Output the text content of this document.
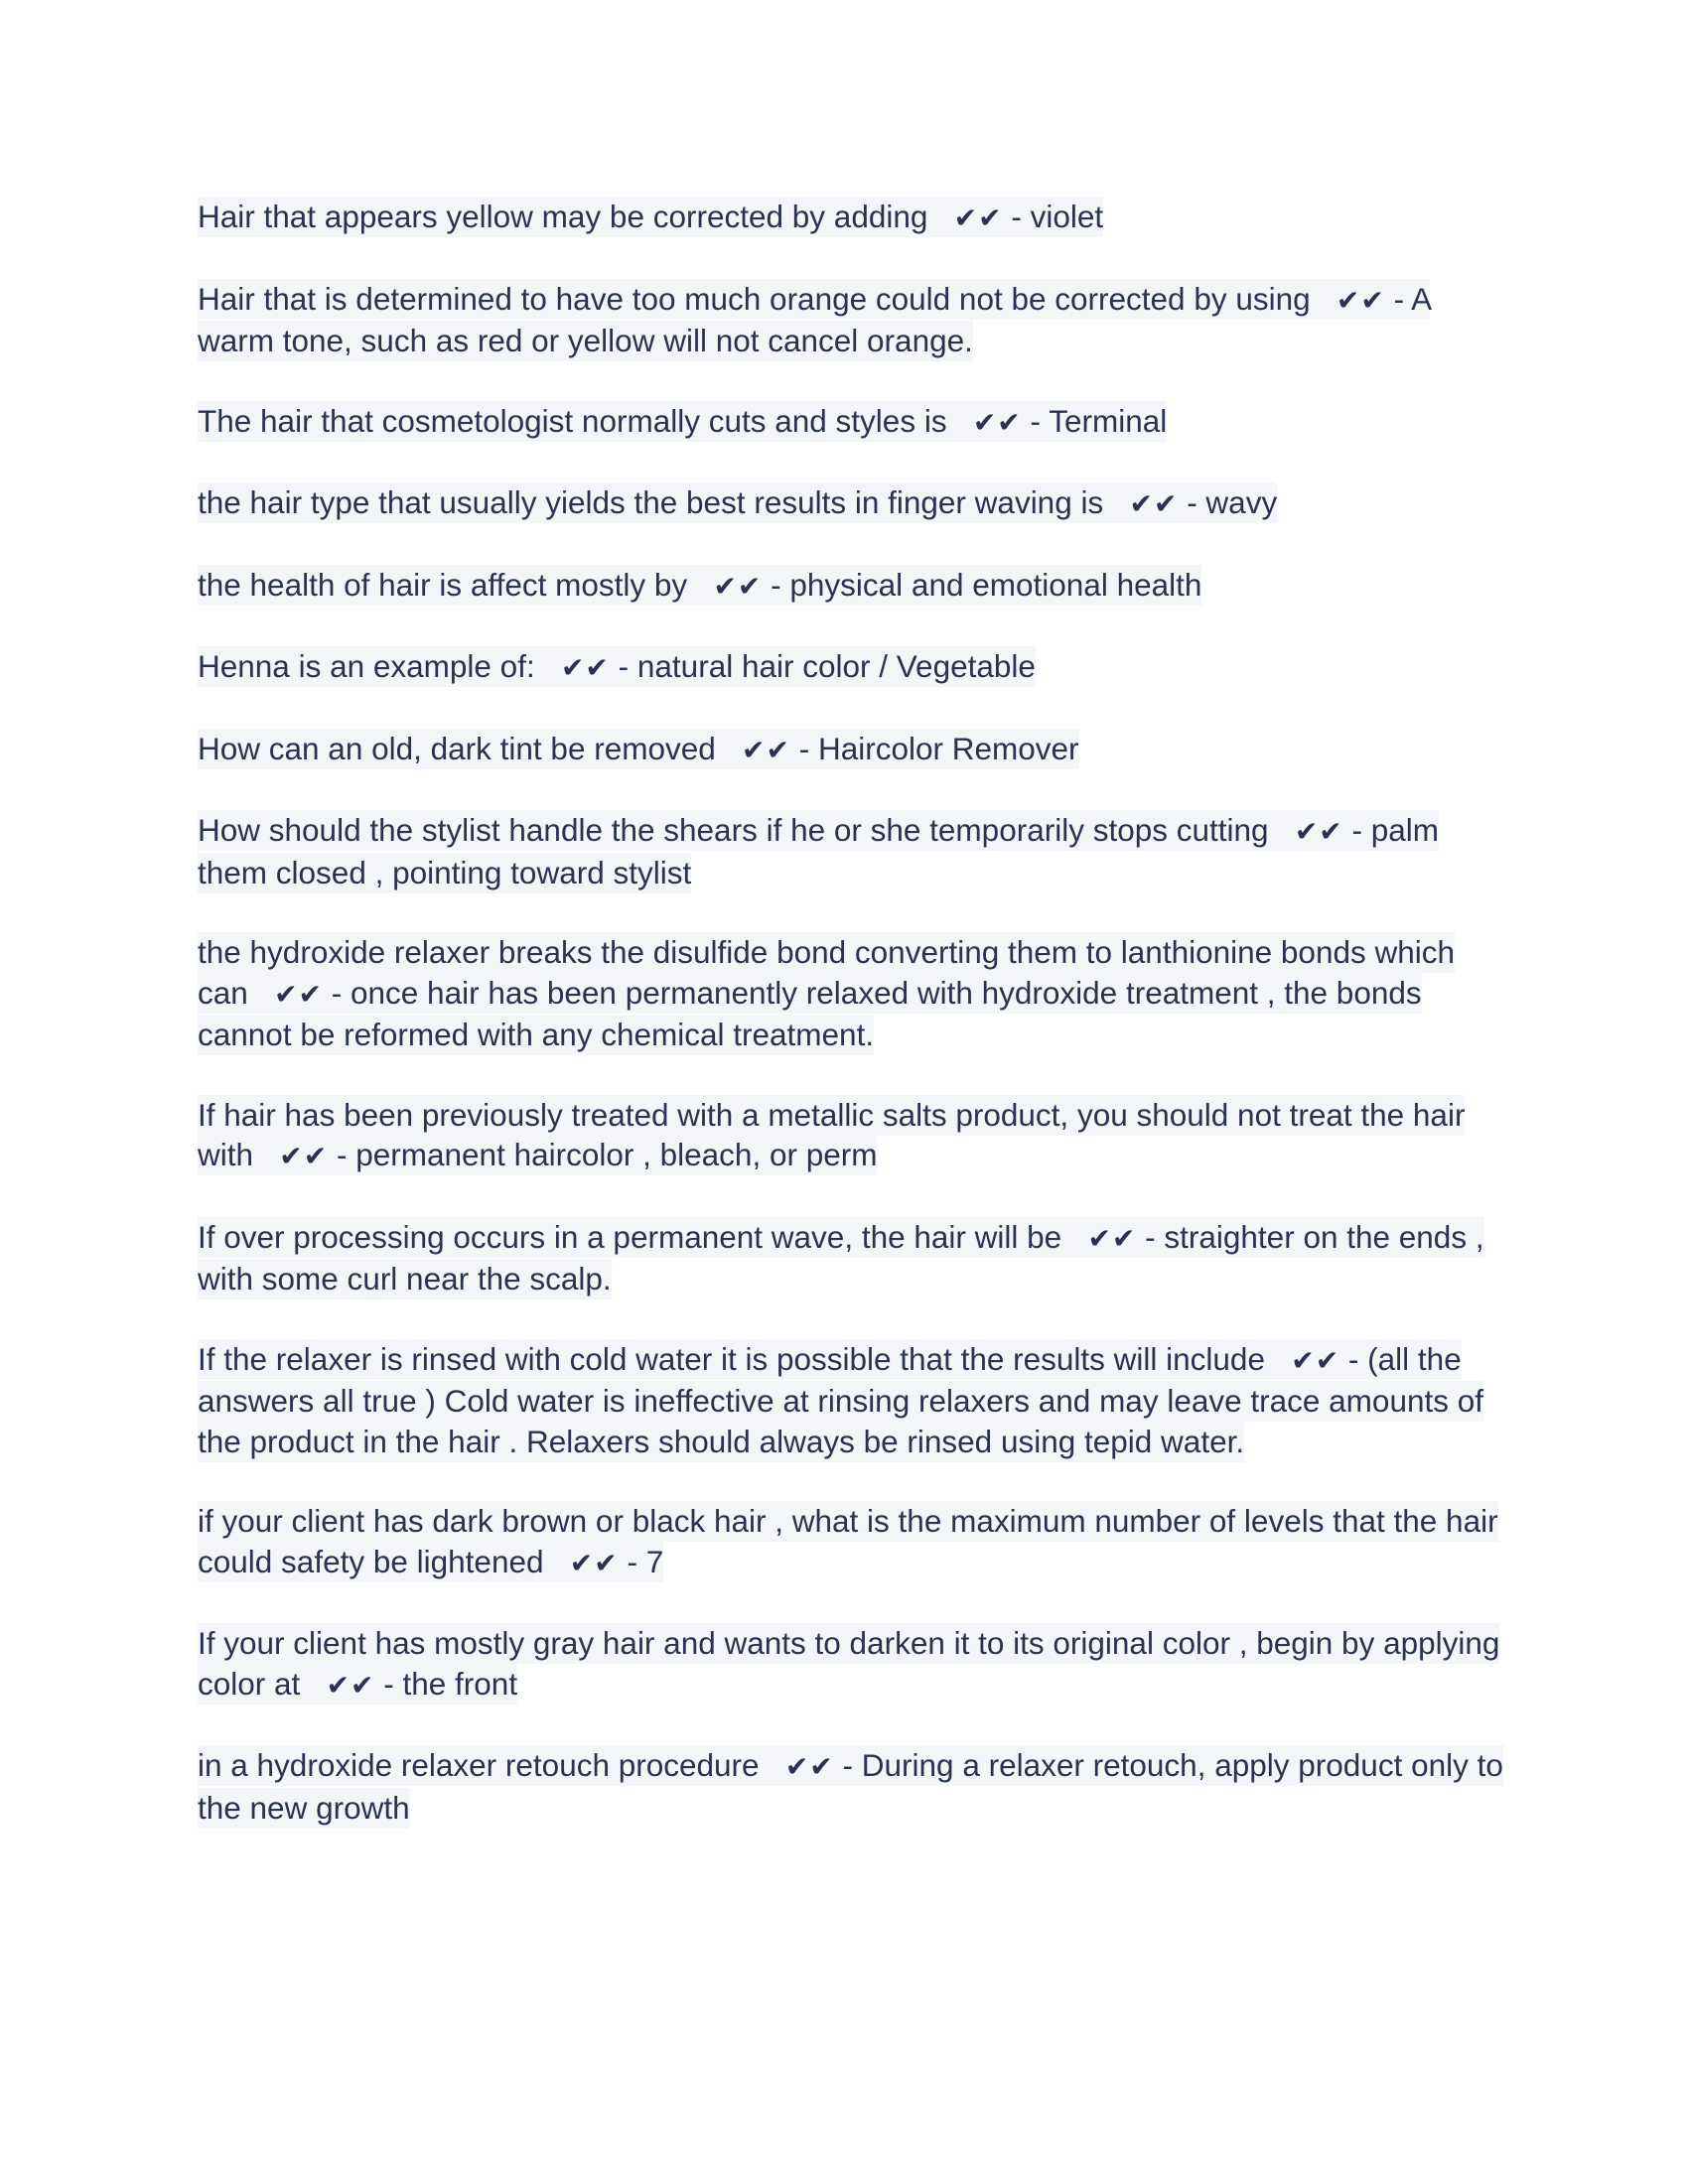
Hair that appears yellow may be corrected by adding ✔✔ - violet

Hair that is determined to have too much orange could not be corrected by using ✔✔ - A warm tone, such as red or yellow will not cancel orange.

The hair that cosmetologist normally cuts and styles is ✔✔ - Terminal

the hair type that usually yields the best results in finger waving is ✔✔ - wavy

the health of hair is affect mostly by ✔✔ - physical and emotional health

Henna is an example of: ✔✔ - natural hair color / Vegetable

How can an old, dark tint be removed ✔✔ - Haircolor Remover

How should the stylist handle the shears if he or she temporarily stops cutting ✔✔ - palm them closed , pointing toward stylist

the hydroxide relaxer breaks the disulfide bond converting them to lanthionine bonds which can ✔✔ - once hair has been permanently relaxed with hydroxide treatment , the bonds cannot be reformed with any chemical treatment.

If hair has been previously treated with a metallic salts product, you should not treat the hair with ✔✔ - permanent haircolor , bleach, or perm

If over processing occurs in a permanent wave, the hair will be ✔✔ - straighter on the ends , with some curl near the scalp.

If the relaxer is rinsed with cold water it is possible that the results will include ✔✔ - (all the answers all true ) Cold water is ineffective at rinsing relaxers and may leave trace amounts of the product in the hair . Relaxers should always be rinsed using tepid water.

if your client has dark brown or black hair , what is the maximum number of levels that the hair could safety be lightened ✔✔ - 7

If your client has mostly gray hair and wants to darken it to its original color , begin by applying color at ✔✔ - the front

in a hydroxide relaxer retouch procedure ✔✔ - During a relaxer retouch, apply product only to the new growth
